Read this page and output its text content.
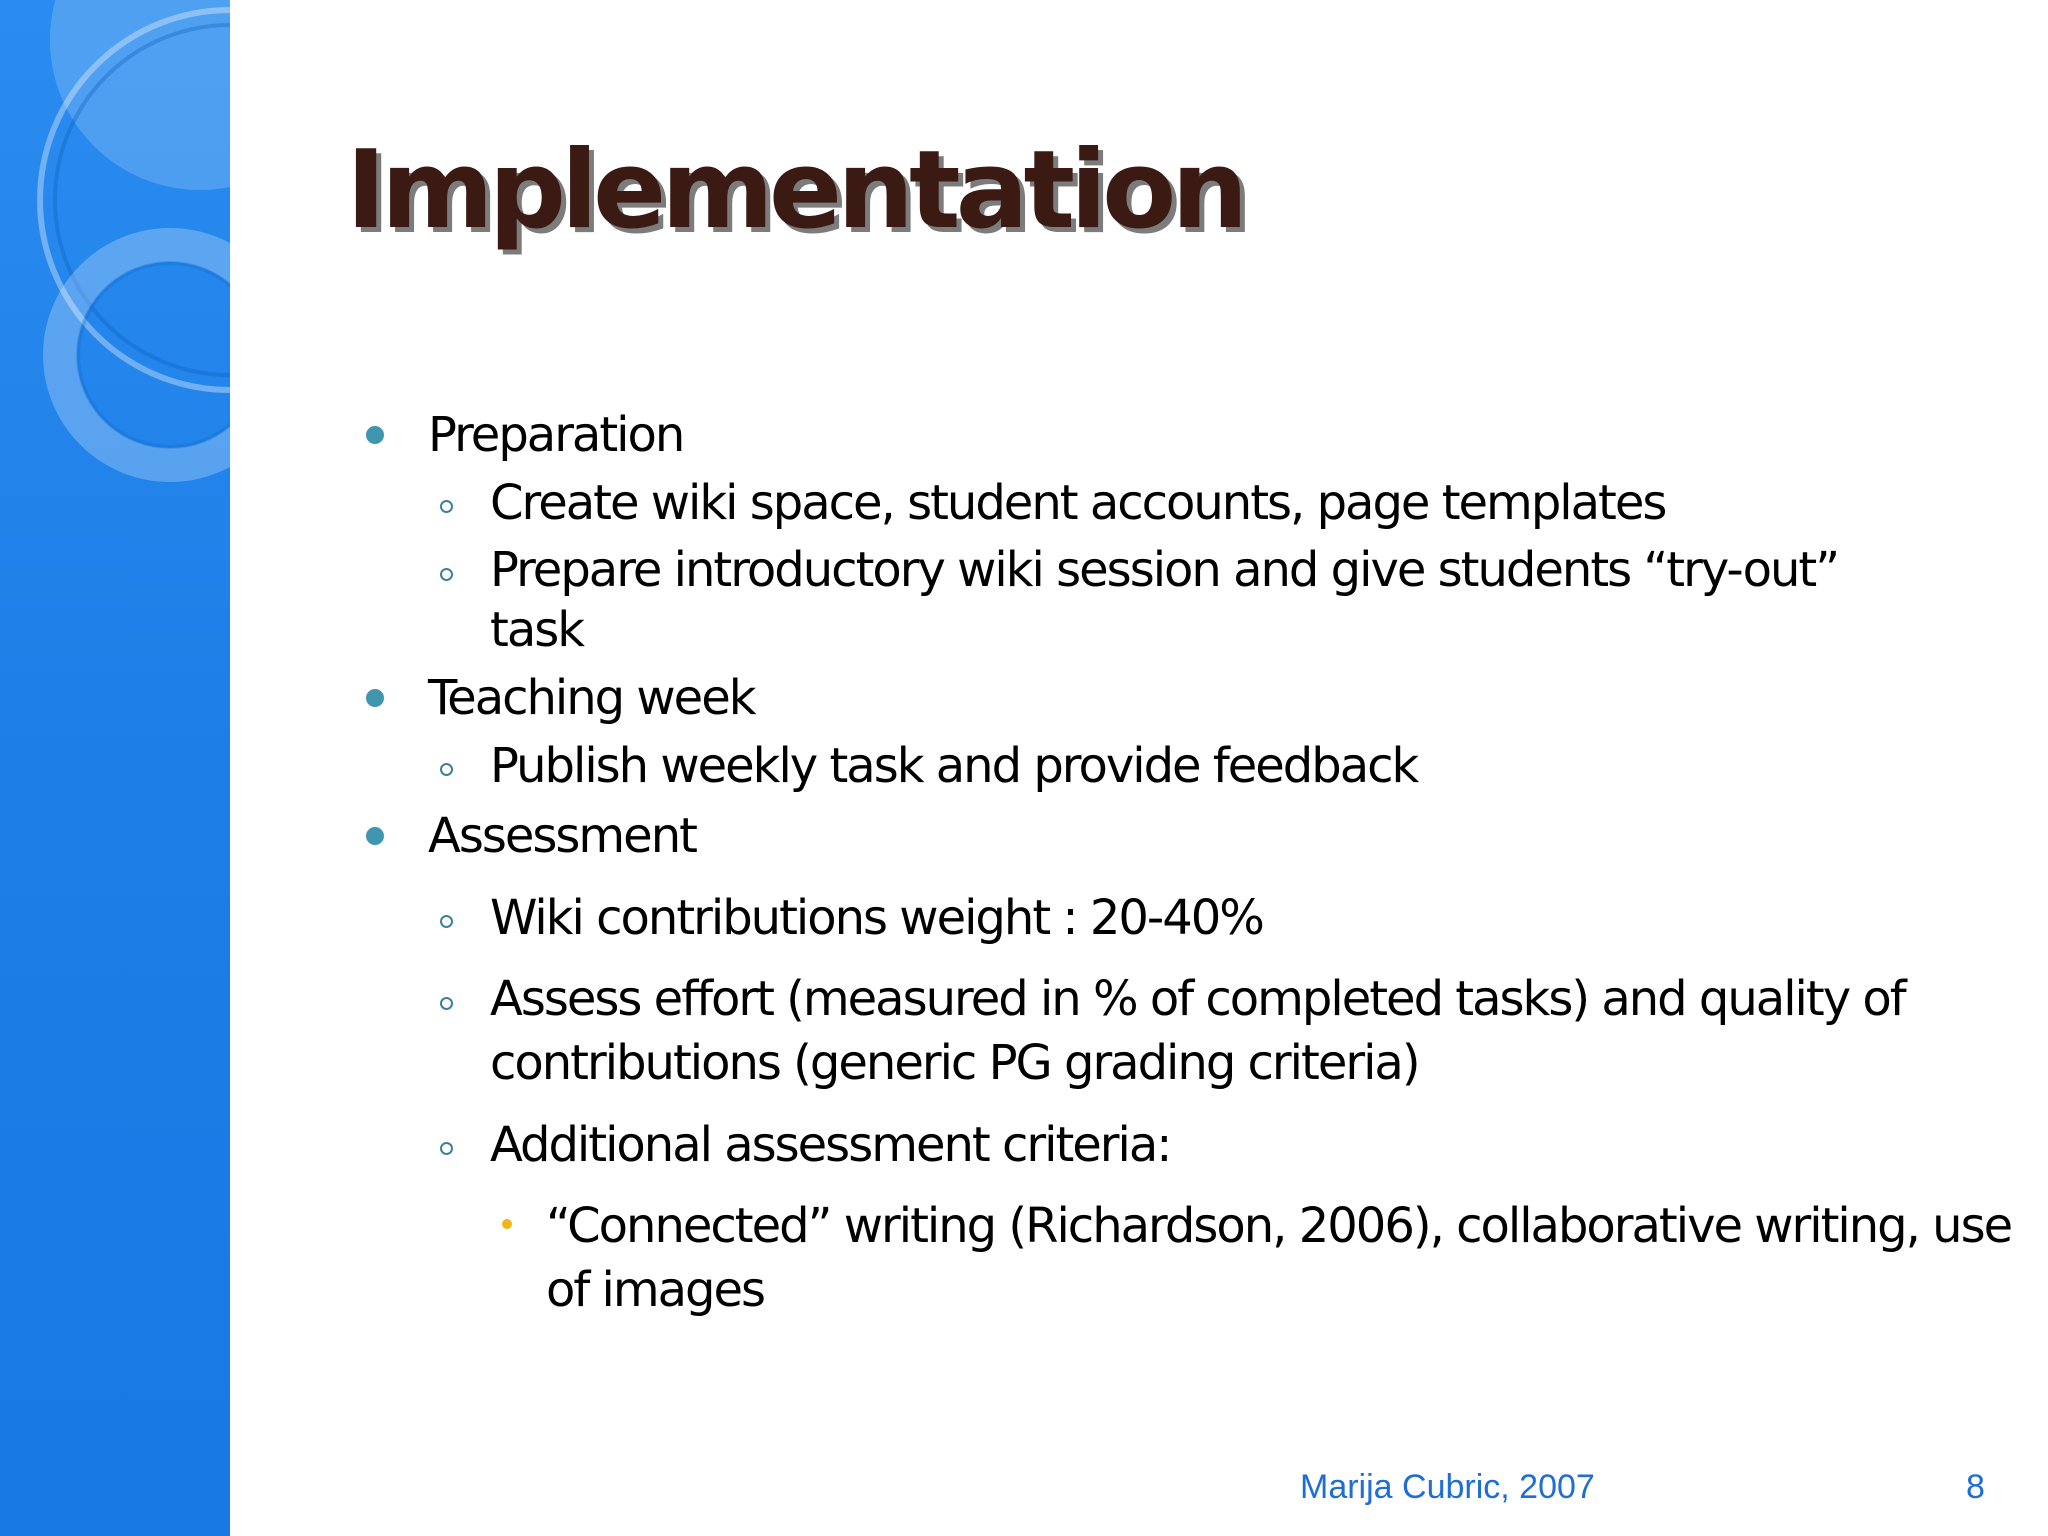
Implementation
Preparation
Create wiki space, student accounts, page templates
Prepare introductory wiki session and give students “try-out” task
Teaching week
Publish weekly task and provide feedback
Assessment
Wiki contributions weight : 20-40%
Assess effort (measured in % of completed tasks) and quality of contributions (generic PG grading criteria)
Additional assessment criteria:
“Connected” writing (Richardson, 2006), collaborative writing, use of images
Marija Cubric, 2007	8
